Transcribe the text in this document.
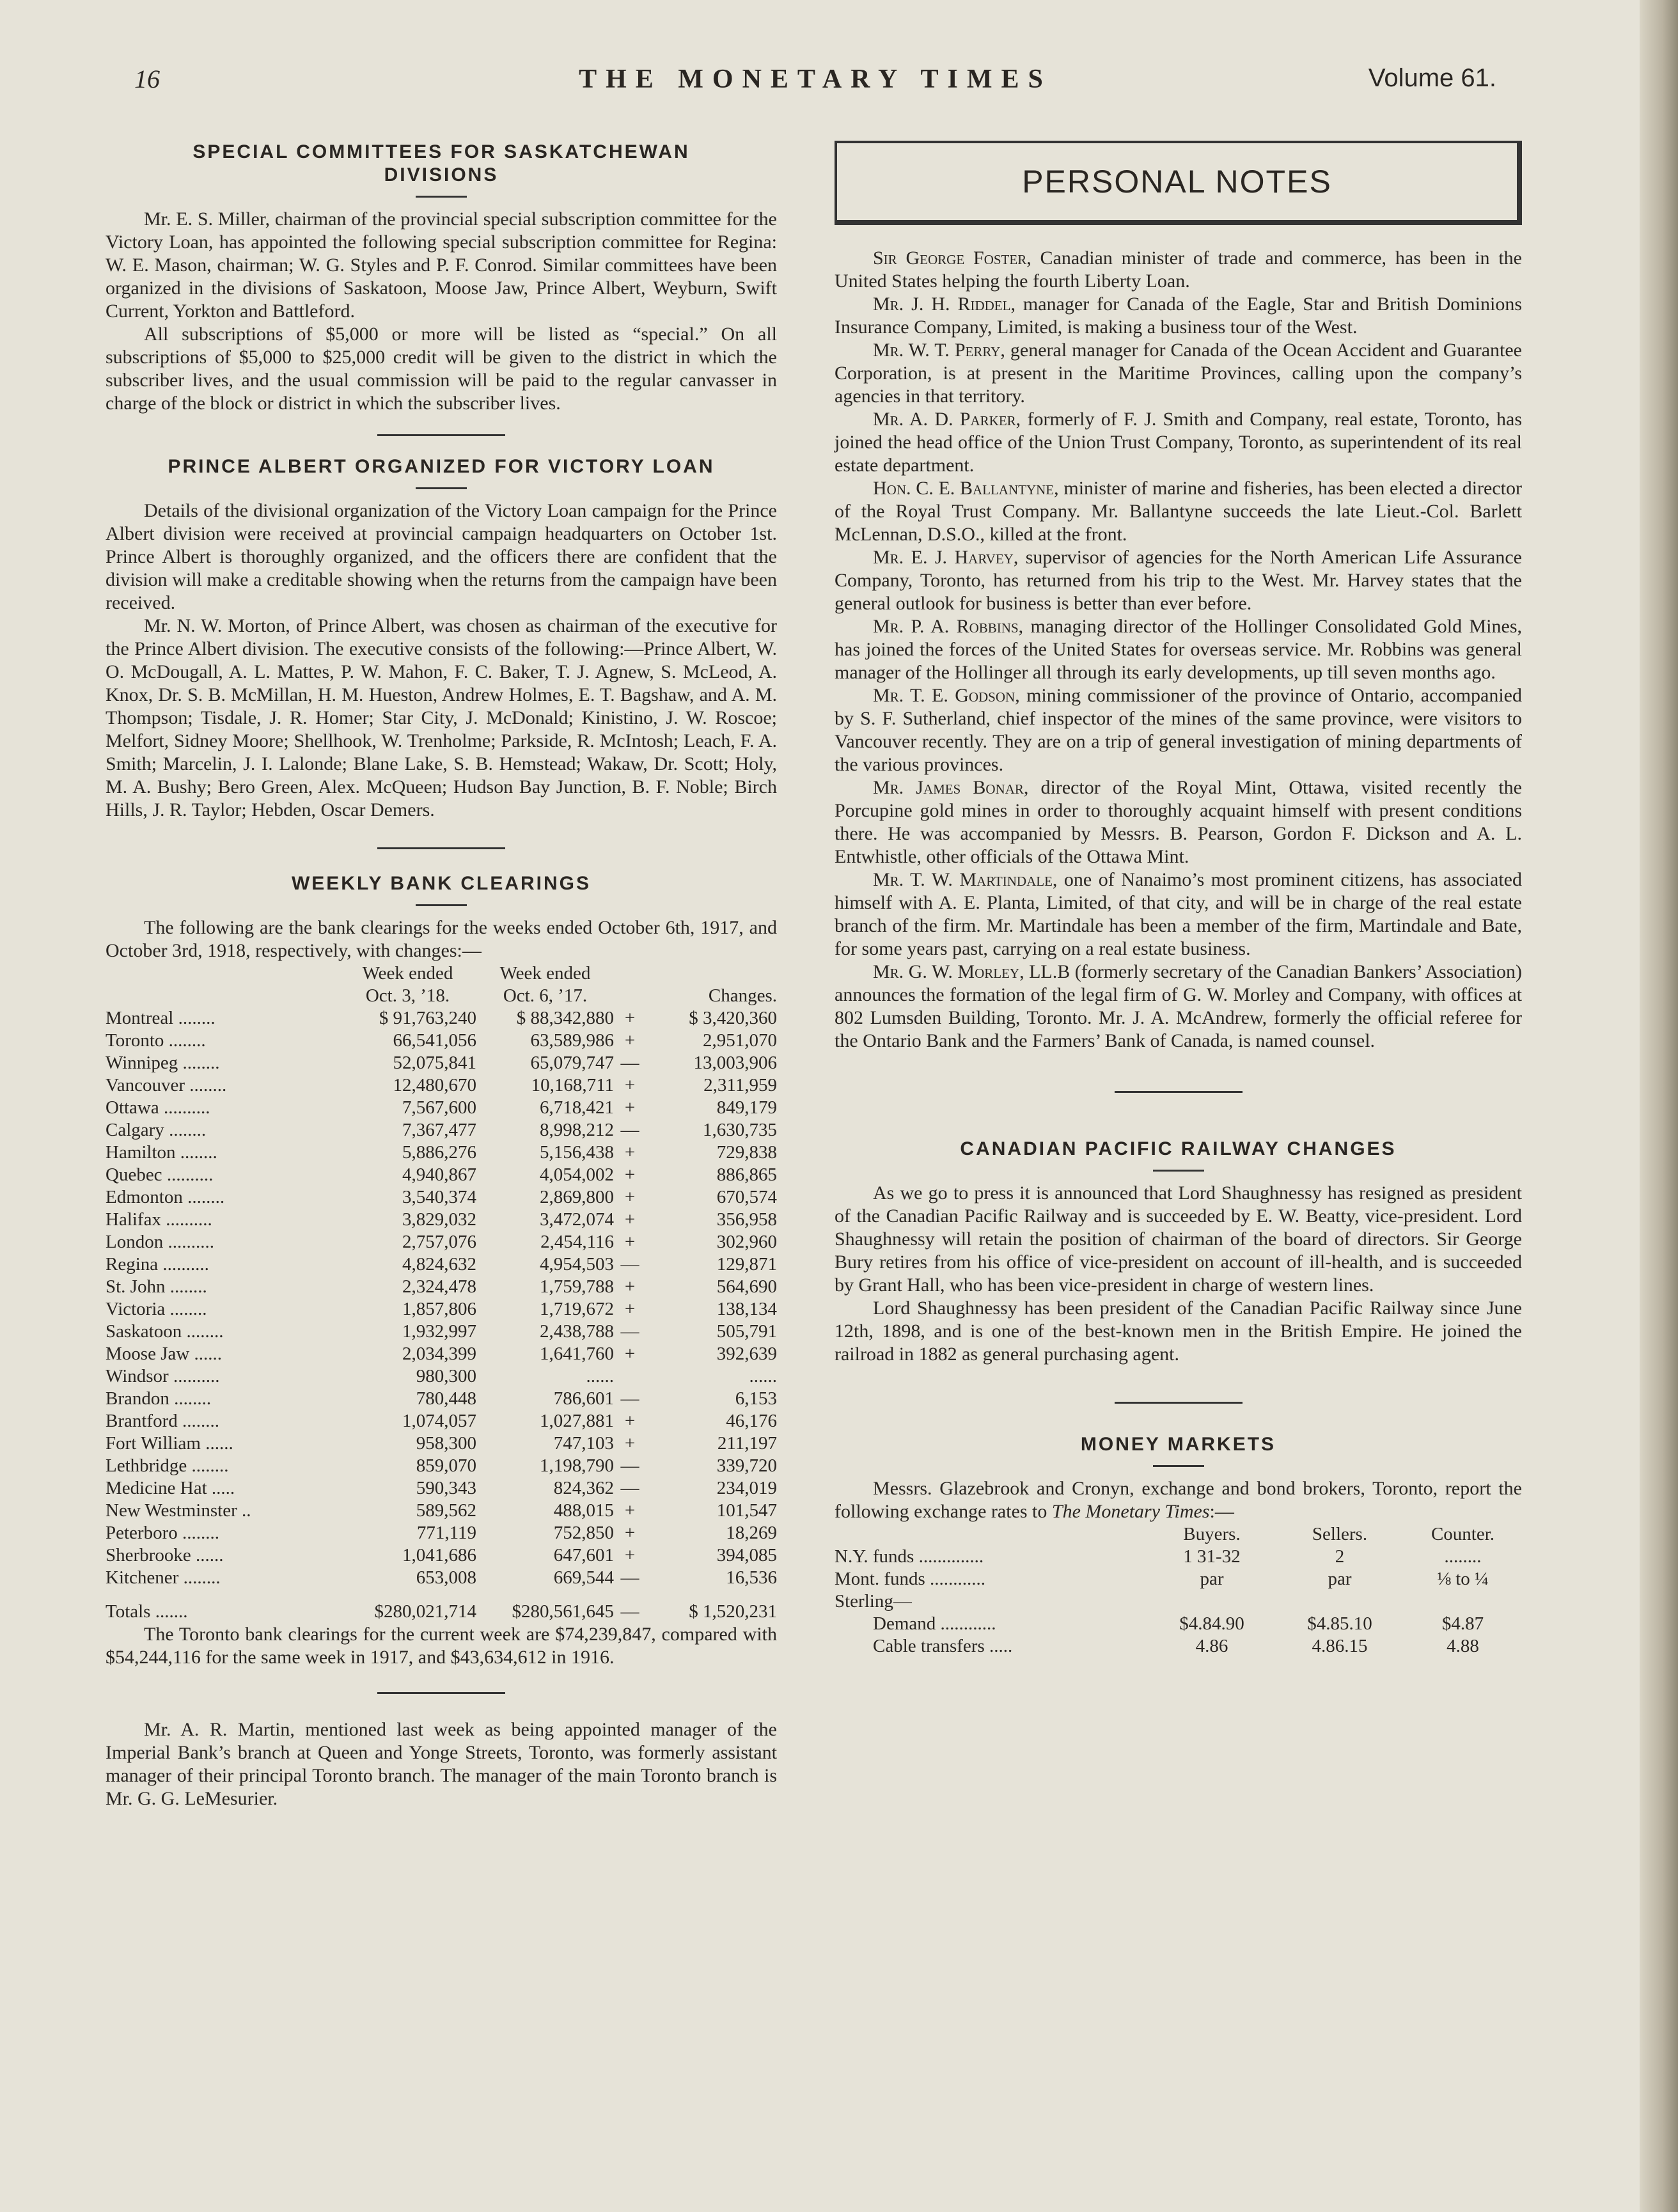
16	THE MONETARY TIMES	Volume 61.
SPECIAL COMMITTEES FOR SASKATCHEWAN DIVISIONS

Mr. E. S. Miller, chairman of the provincial special subscription committee for the Victory Loan, has appointed the following special subscription committee for Regina: W. E. Mason, chairman; W. G. Styles and P. F. Conrod. Similar committees have been organized in the divisions of Saskatoon, Moose Jaw, Prince Albert, Weyburn, Swift Current, Yorkton and Battleford.

All subscriptions of $5,000 or more will be listed as “special.” On all subscriptions of $5,000 to $25,000 credit will be given to the district in which the subscriber lives, and the usual commission will be paid to the regular canvasser in charge of the block or district in which the subscriber lives.

PRINCE ALBERT ORGANIZED FOR VICTORY LOAN

Details of the divisional organization of the Victory Loan campaign for the Prince Albert division were received at provincial campaign headquarters on October 1st. Prince Albert is thoroughly organized, and the officers there are confident that the division will make a creditable showing when the returns from the campaign have been received.

Mr. N. W. Morton, of Prince Albert, was chosen as chairman of the executive for the Prince Albert division. The executive consists of the following:—Prince Albert, W. O. McDougall, A. L. Mattes, P. W. Mahon, F. C. Baker, T. J. Agnew, S. McLeod, A. Knox, Dr. S. B. McMillan, H. M. Hueston, Andrew Holmes, E. T. Bagshaw, and A. M. Thompson; Tisdale, J. R. Homer; Star City, J. McDonald; Kinistino, J. W. Roscoe; Melfort, Sidney Moore; Shellhook, W. Trenholme; Parkside, R. McIntosh; Leach, F. A. Smith; Marcelin, J. I. Lalonde; Blane Lake, S. B. Hemstead; Wakaw, Dr. Scott; Holy, M. A. Bushy; Bero Green, Alex. McQueen; Hudson Bay Junction, B. F. Noble; Birch Hills, J. R. Taylor; Hebden, Oscar Demers.

WEEKLY BANK CLEARINGS

The following are the bank clearings for the weeks ended October 6th, 1917, and October 3rd, 1918, respectively, with changes:—

	Week ended	Week ended		
	Oct. 3, ’18.	Oct. 6, ’17.		Changes.
Montreal ........	$ 91,763,240	$ 88,342,880	+	$ 3,420,360
Toronto ........	66,541,056	63,589,986	+	2,951,070
Winnipeg ........	52,075,841	65,079,747	—	13,003,906
Vancouver ........	12,480,670	10,168,711	+	2,311,959
Ottawa ..........	7,567,600	6,718,421	+	849,179
Calgary ........	7,367,477	8,998,212	—	1,630,735
Hamilton ........	5,886,276	5,156,438	+	729,838
Quebec ..........	4,940,867	4,054,002	+	886,865
Edmonton ........	3,540,374	2,869,800	+	670,574
Halifax ..........	3,829,032	3,472,074	+	356,958
London ..........	2,757,076	2,454,116	+	302,960
Regina ..........	4,824,632	4,954,503	—	129,871
St. John ........	2,324,478	1,759,788	+	564,690
Victoria ........	1,857,806	1,719,672	+	138,134
Saskatoon ........	1,932,997	2,438,788	—	505,791
Moose Jaw ......	2,034,399	1,641,760	+	392,639
Windsor ..........	980,300	......		......
Brandon ........	780,448	786,601	—	6,153
Brantford ........	1,074,057	1,027,881	+	46,176
Fort William ......	958,300	747,103	+	211,197
Lethbridge ........	859,070	1,198,790	—	339,720
Medicine Hat .....	590,343	824,362	—	234,019
New Westminster ..	589,562	488,015	+	101,547
Peterboro ........	771,119	752,850	+	18,269
Sherbrooke ......	1,041,686	647,601	+	394,085
Kitchener ........	653,008	669,544	—	16,536

Totals .......	$280,021,714	$280,561,645	—	$ 1,520,231

The Toronto bank clearings for the current week are $74,239,847, compared with $54,244,116 for the same week in 1917, and $43,634,612 in 1916.

Mr. A. R. Martin, mentioned last week as being appointed manager of the Imperial Bank’s branch at Queen and Yonge Streets, Toronto, was formerly assistant manager of their principal Toronto branch. The manager of the main Toronto branch is Mr. G. G. LeMesurier.

PERSONAL NOTES

Sir George Foster, Canadian minister of trade and commerce, has been in the United States helping the fourth Liberty Loan.

Mr. J. H. Riddel, manager for Canada of the Eagle, Star and British Dominions Insurance Company, Limited, is making a business tour of the West.

Mr. W. T. Perry, general manager for Canada of the Ocean Accident and Guarantee Corporation, is at present in the Maritime Provinces, calling upon the company’s agencies in that territory.

Mr. A. D. Parker, formerly of F. J. Smith and Company, real estate, Toronto, has joined the head office of the Union Trust Company, Toronto, as superintendent of its real estate department.

Hon. C. E. Ballantyne, minister of marine and fisheries, has been elected a director of the Royal Trust Company. Mr. Ballantyne succeeds the late Lieut.-Col. Barlett McLennan, D.S.O., killed at the front.

Mr. E. J. Harvey, supervisor of agencies for the North American Life Assurance Company, Toronto, has returned from his trip to the West. Mr. Harvey states that the general outlook for business is better than ever before.

Mr. P. A. Robbins, managing director of the Hollinger Consolidated Gold Mines, has joined the forces of the United States for overseas service. Mr. Robbins was general manager of the Hollinger all through its early developments, up till seven months ago.

Mr. T. E. Godson, mining commissioner of the province of Ontario, accompanied by S. F. Sutherland, chief inspector of the mines of the same province, were visitors to Vancouver recently. They are on a trip of general investigation of mining departments of the various provinces.

Mr. James Bonar, director of the Royal Mint, Ottawa, visited recently the Porcupine gold mines in order to thoroughly acquaint himself with present conditions there. He was accompanied by Messrs. B. Pearson, Gordon F. Dickson and A. L. Entwhistle, other officials of the Ottawa Mint.

Mr. T. W. Martindale, one of Nanaimo’s most prominent citizens, has associated himself with A. E. Planta, Limited, of that city, and will be in charge of the real estate branch of the firm. Mr. Martindale has been a member of the firm, Martindale and Bate, for some years past, carrying on a real estate business.

Mr. G. W. Morley, LL.B (formerly secretary of the Canadian Bankers’ Association) announces the formation of the legal firm of G. W. Morley and Company, with offices at 802 Lumsden Building, Toronto. Mr. J. A. McAndrew, formerly the official referee for the Ontario Bank and the Farmers’ Bank of Canada, is named counsel.

CANADIAN PACIFIC RAILWAY CHANGES

As we go to press it is announced that Lord Shaughnessy has resigned as president of the Canadian Pacific Railway and is succeeded by E. W. Beatty, vice-president. Lord Shaughnessy will retain the position of chairman of the board of directors. Sir George Bury retires from his office of vice-president on account of ill-health, and is succeeded by Grant Hall, who has been vice-president in charge of western lines.

Lord Shaughnessy has been president of the Canadian Pacific Railway since June 12th, 1898, and is one of the best-known men in the British Empire. He joined the railroad in 1882 as general purchasing agent.

MONEY MARKETS

Messrs. Glazebrook and Cronyn, exchange and bond brokers, Toronto, report the following exchange rates to The Monetary Times:—

	Buyers.	Sellers.	Counter.
N.Y. funds ..............	1 31-32	2	........
Mont. funds ............	par	par	⅛ to ¼
Sterling—			
Demand ............	$4.84.90	$4.85.10	$4.87
Cable transfers .....	4.86	4.86.15	4.88
